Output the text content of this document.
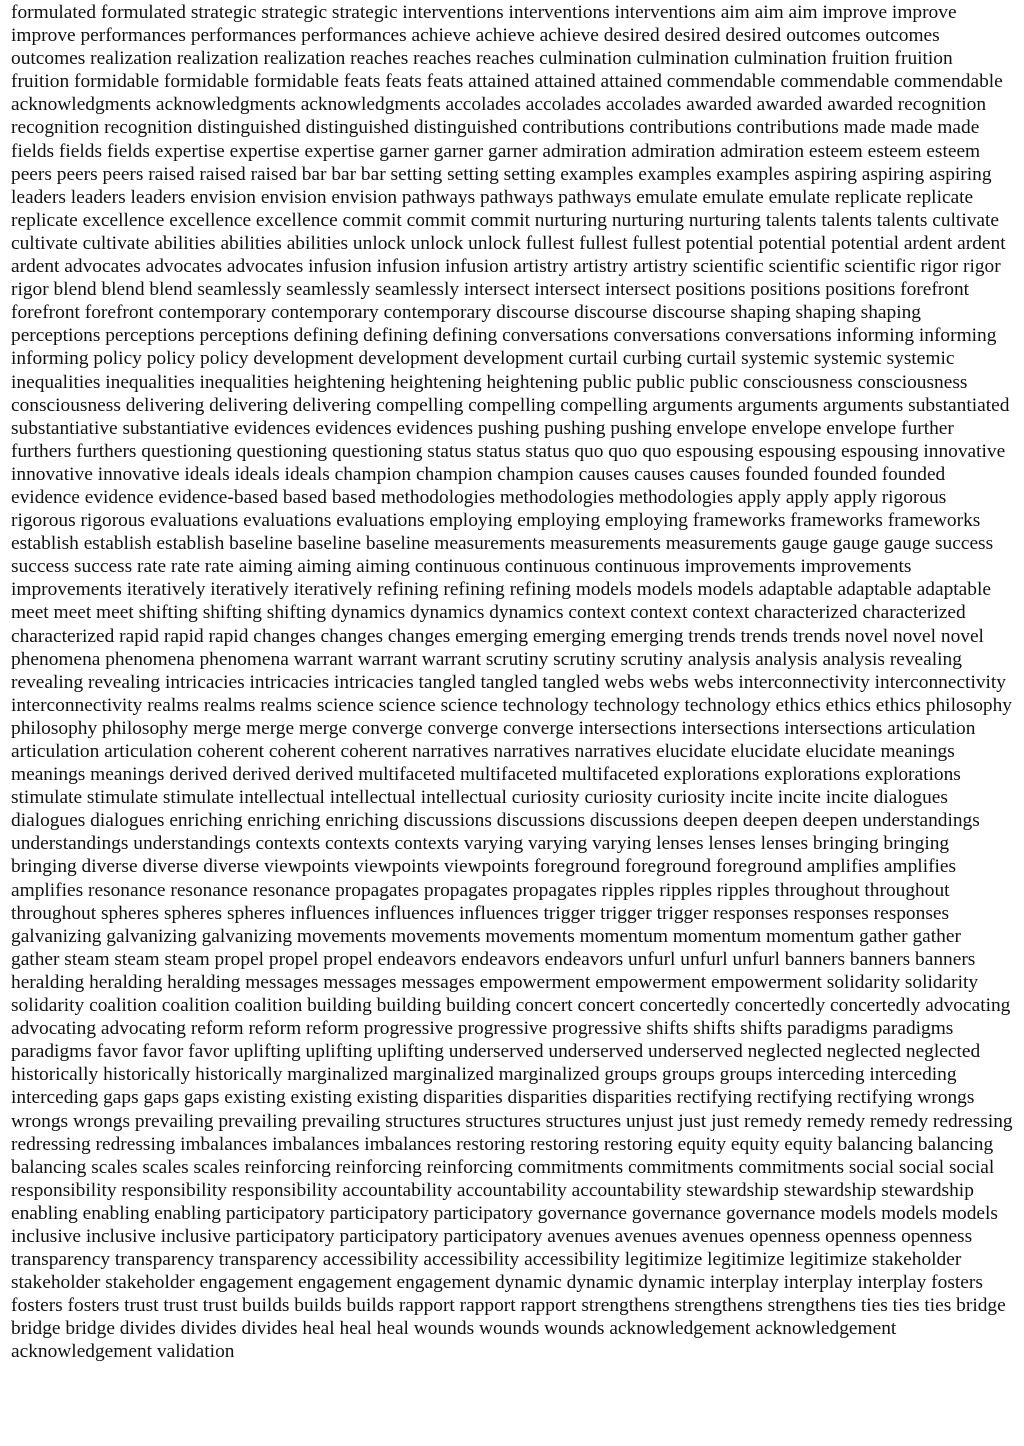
formulated formulated strategic strategic strategic interventions interventions interventions aim aim aim improve improve improve performances performances performances achieve achieve achieve desired desired desired outcomes outcomes outcomes realization realization realization reaches reaches reaches culmination culmination culmination fruition fruition fruition formidable formidable formidable feats feats feats attained attained attained commendable commendable commendable acknowledgments acknowledgments acknowledgments accolades accolades accolades awarded awarded awarded recognition recognition recognition distinguished distinguished distinguished contributions contributions contributions made made made fields fields fields expertise expertise expertise garner garner garner admiration admiration admiration esteem esteem esteem peers peers peers raised raised raised bar bar bar setting setting setting examples examples examples aspiring aspiring aspiring leaders leaders leaders envision envision envision pathways pathways pathways emulate emulate emulate replicate replicate replicate excellence excellence excellence commit commit commit nurturing nurturing nurturing talents talents talents cultivate cultivate cultivate abilities abilities abilities unlock unlock unlock fullest fullest fullest potential potential potential ardent ardent ardent advocates advocates advocates infusion infusion infusion artistry artistry artistry scientific scientific scientific rigor rigor rigor blend blend blend seamlessly seamlessly seamlessly intersect intersect intersect positions positions positions forefront forefront forefront contemporary contemporary contemporary discourse discourse discourse shaping shaping shaping perceptions perceptions perceptions defining defining defining conversations conversations conversations informing informing informing policy policy policy development development development curtail curbing curtail systemic systemic systemic inequalities inequalities inequalities heightening heightening heightening public public public consciousness consciousness consciousness delivering delivering delivering compelling compelling compelling arguments arguments arguments substantiated substantiative substantiative evidences evidences evidences pushing pushing pushing envelope envelope envelope further furthers furthers questioning questioning questioning status status status quo quo quo espousing espousing espousing innovative innovative innovative ideals ideals ideals champion champion champion causes causes causes founded founded founded evidence evidence evidence-based based based methodologies methodologies methodologies apply apply apply rigorous rigorous rigorous evaluations evaluations evaluations employing employing employing frameworks frameworks frameworks establish establish establish baseline baseline baseline measurements measurements measurements gauge gauge gauge success success success rate rate rate aiming aiming aiming continuous continuous continuous improvements improvements improvements iteratively iteratively iteratively refining refining refining models models models adaptable adaptable adaptable meet meet meet shifting shifting shifting dynamics dynamics dynamics context context context characterized characterized characterized rapid rapid rapid changes changes changes emerging emerging emerging trends trends trends novel novel novel phenomena phenomena phenomena warrant warrant warrant scrutiny scrutiny scrutiny analysis analysis analysis revealing revealing revealing intricacies intricacies intricacies tangled tangled tangled webs webs webs interconnectivity interconnectivity interconnectivity realms realms realms science science science technology technology technology ethics ethics ethics philosophy philosophy philosophy merge merge merge converge converge converge intersections intersections intersections articulation articulation articulation coherent coherent coherent narratives narratives narratives elucidate elucidate elucidate meanings meanings meanings derived derived derived multifaceted multifaceted multifaceted explorations explorations explorations stimulate stimulate stimulate intellectual intellectual intellectual curiosity curiosity curiosity incite incite incite dialogues dialogues dialogues enriching enriching enriching discussions discussions discussions deepen deepen deepen understandings understandings understandings contexts contexts contexts varying varying varying lenses lenses lenses bringing bringing bringing diverse diverse diverse viewpoints viewpoints viewpoints foreground foreground foreground amplifies amplifies amplifies resonance resonance resonance propagates propagates propagates ripples ripples ripples throughout throughout throughout spheres spheres spheres influences influences influences trigger trigger trigger responses responses responses galvanizing galvanizing galvanizing movements movements movements momentum momentum momentum gather gather gather steam steam steam propel propel propel endeavors endeavors endeavors unfurl unfurl unfurl banners banners banners heralding heralding heralding messages messages messages empowerment empowerment empowerment solidarity solidarity solidarity coalition coalition coalition building building building concert concert concertedly concertedly concertedly advocating advocating advocating reform reform reform progressive progressive progressive shifts shifts shifts paradigms paradigms paradigms favor favor favor uplifting uplifting uplifting underserved underserved underserved neglected neglected neglected historically historically historically marginalized marginalized marginalized groups groups groups interceding interceding interceding gaps gaps gaps existing existing existing disparities disparities disparities rectifying rectifying rectifying wrongs wrongs wrongs prevailing prevailing prevailing structures structures structures unjust just just remedy remedy remedy redressing redressing redressing imbalances imbalances imbalances restoring restoring restoring equity equity equity balancing balancing balancing scales scales scales reinforcing reinforcing reinforcing commitments commitments commitments social social social responsibility responsibility responsibility accountability accountability accountability stewardship stewardship stewardship enabling enabling enabling participatory participatory participatory governance governance governance models models models inclusive inclusive inclusive participatory participatory participatory avenues avenues avenues openness openness openness transparency transparency transparency accessibility accessibility accessibility legitimize legitimize legitimize stakeholder stakeholder stakeholder engagement engagement engagement dynamic dynamic dynamic interplay interplay interplay fosters fosters fosters trust trust trust builds builds builds rapport rapport rapport strengthens strengthens strengthens ties ties ties bridge bridge bridge divides divides divides heal heal heal wounds wounds wounds acknowledgement acknowledgement acknowledgement validation
